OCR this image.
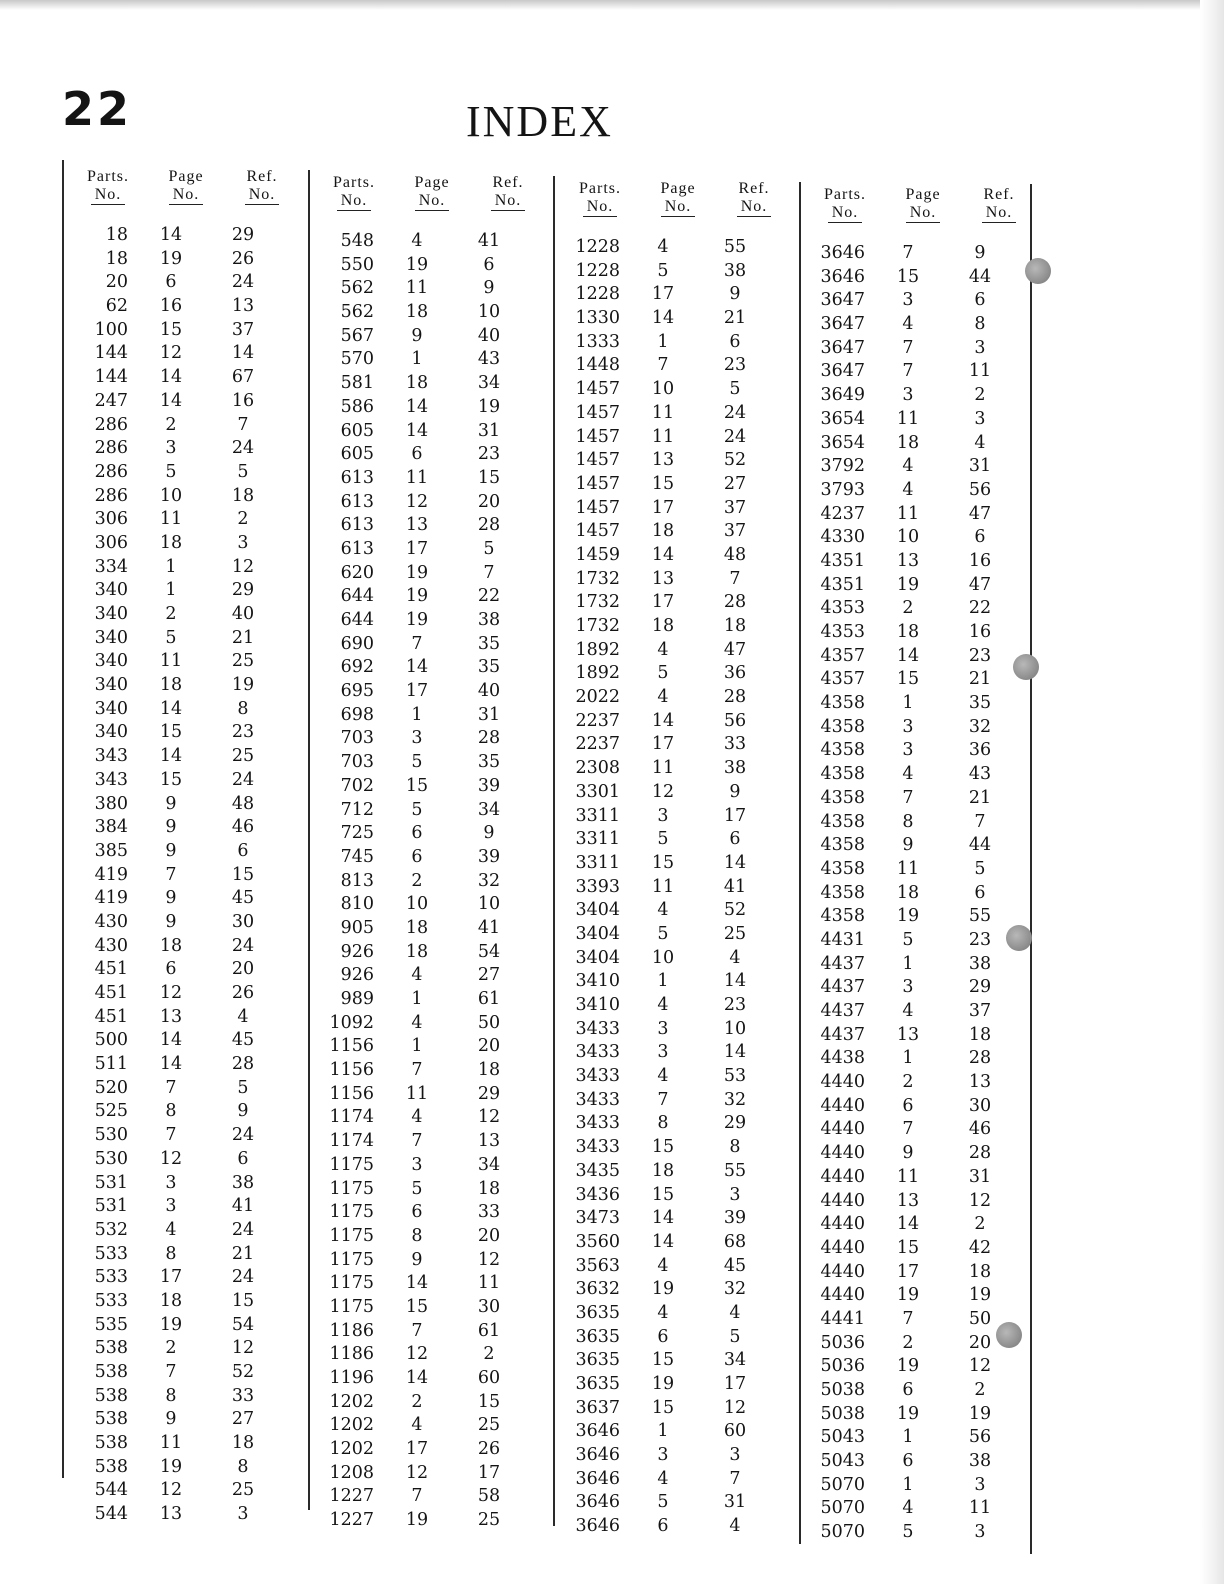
22	INDEX
Parts.
No.
Page
No.
Ref.
No.
18	14	29
18	19	26
20	6	24
62	16	13
100	15	37
144	12	14
144	14	67
247	14	16
286	2	7
286	3	24
286	5	5
286	10	18
306	11	2
306	18	3
334	1	12
340	1	29
340	2	40
340	5	21
340	11	25
340	18	19
340	14	8
340	15	23
343	14	25
343	15	24
380	9	48
384	9	46
385	9	6
419	7	15
419	9	45
430	9	30
430	18	24
451	6	20
451	12	26
451	13	4
500	14	45
511	14	28
520	7	5
525	8	9
530	7	24
530	12	6
531	3	38
531	3	41
532	4	24
533	8	21
533	17	24
533	18	15
535	19	54
538	2	12
538	7	52
538	8	33
538	9	27
538	11	18
538	19	8
544	12	25
544	13	3
Parts.
No.
Page
No.
Ref.
No.
548	4	41
550	19	6
562	11	9
562	18	10
567	9	40
570	1	43
581	18	34
586	14	19
605	14	31
605	6	23
613	11	15
613	12	20
613	13	28
613	17	5
620	19	7
644	19	22
644	19	38
690	7	35
692	14	35
695	17	40
698	1	31
703	3	28
703	5	35
702	15	39
712	5	34
725	6	9
745	6	39
813	2	32
810	10	10
905	18	41
926	18	54
926	4	27
989	1	61
1092	4	50
1156	1	20
1156	7	18
1156	11	29
1174	4	12
1174	7	13
1175	3	34
1175	5	18
1175	6	33
1175	8	20
1175	9	12
1175	14	11
1175	15	30
1186	7	61
1186	12	2
1196	14	60
1202	2	15
1202	4	25
1202	17	26
1208	12	17
1227	7	58
1227	19	25
Parts.
No.
Page
No.
Ref.
No.
1228	4	55
1228	5	38
1228	17	9
1330	14	21
1333	1	6
1448	7	23
1457	10	5
1457	11	24
1457	11	24
1457	13	52
1457	15	27
1457	17	37
1457	18	37
1459	14	48
1732	13	7
1732	17	28
1732	18	18
1892	4	47
1892	5	36
2022	4	28
2237	14	56
2237	17	33
2308	11	38
3301	12	9
3311	3	17
3311	5	6
3311	15	14
3393	11	41
3404	4	52
3404	5	25
3404	10	4
3410	1	14
3410	4	23
3433	3	10
3433	3	14
3433	4	53
3433	7	32
3433	8	29
3433	15	8
3435	18	55
3436	15	3
3473	14	39
3560	14	68
3563	4	45
3632	19	32
3635	4	4
3635	6	5
3635	15	34
3635	19	17
3637	15	12
3646	1	60
3646	3	3
3646	4	7
3646	5	31
3646	6	4
Parts.
No.
Page
No.
Ref.
No.
3646	7	9
3646	15	44
3647	3	6
3647	4	8
3647	7	3
3647	7	11
3649	3	2
3654	11	3
3654	18	4
3792	4	31
3793	4	56
4237	11	47
4330	10	6
4351	13	16
4351	19	47
4353	2	22
4353	18	16
4357	14	23
4357	15	21
4358	1	35
4358	3	32
4358	3	36
4358	4	43
4358	7	21
4358	8	7
4358	9	44
4358	11	5
4358	18	6
4358	19	55
4431	5	23
4437	1	38
4437	3	29
4437	4	37
4437	13	18
4438	1	28
4440	2	13
4440	6	30
4440	7	46
4440	9	28
4440	11	31
4440	13	12
4440	14	2
4440	15	42
4440	17	18
4440	19	19
4441	7	50
5036	2	20
5036	19	12
5038	6	2
5038	19	19
5043	1	56
5043	6	38
5070	1	3
5070	4	11
5070	5	3
